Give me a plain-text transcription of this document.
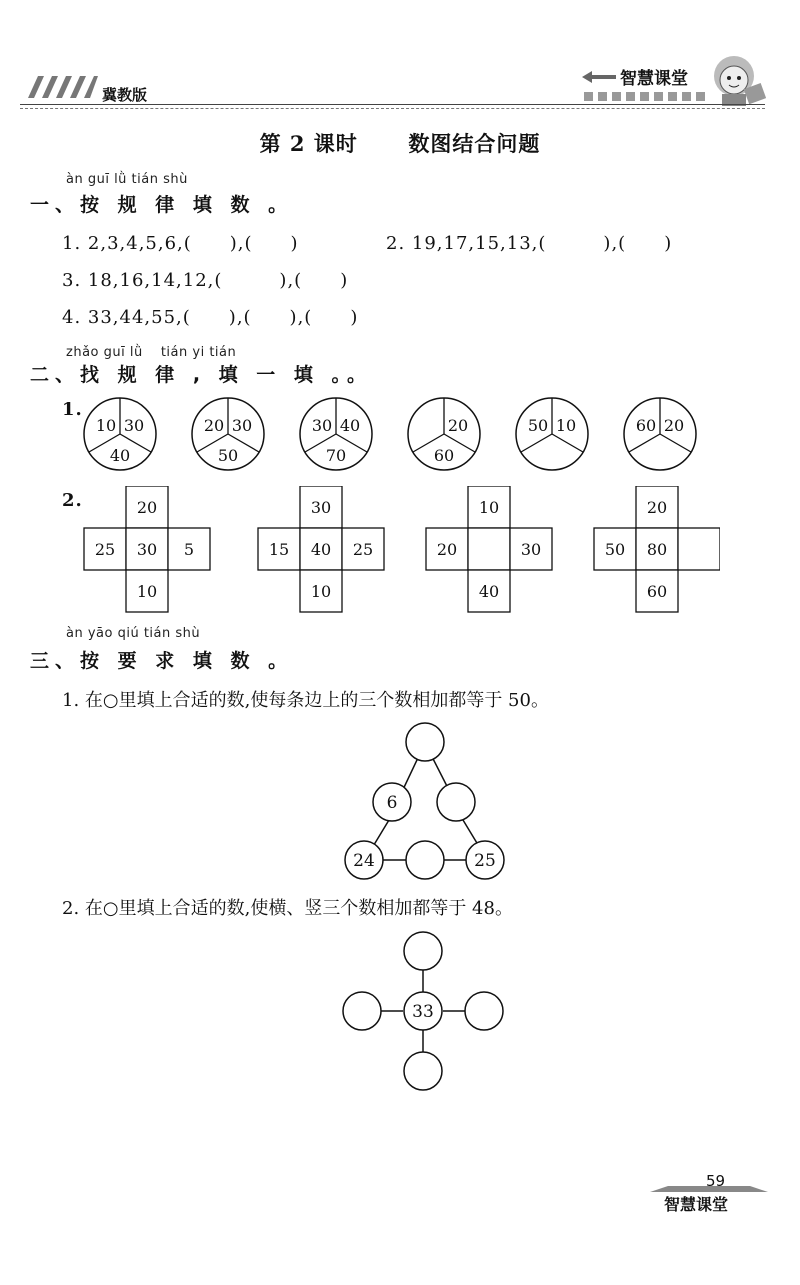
冀教版
智慧课堂
第 2 课时 数图结合问题
àn guī lǜ tián shù
一、按 规 律 填 数 。
1. 2,3,4,5,6,(　　),(　　)	2. 19,17,15,13,(　　　),(　　)
3. 18,16,14,12,(　　　),(　　)
4. 33,44,55,(　　),(　　),(　　)
zhǎo guī lǜ　 tián yi tián
二、找 规 律 , 填 一 填 。。
1.
10 30
40
20 30
50
30 40
70
20
60
50 10	60 20
2.	20
25 30 5
10
30
15 40 25
10
10
20	30
40
20
50 80
60
àn yāo qiú tián shù
三、按 要 求 填 数 。
1. 在○里填上合适的数,使每条边上的三个数相加都等于 50。
6
24	25
2. 在○里填上合适的数,使横、竖三个数相加都等于 48。
33
59
智慧课堂
